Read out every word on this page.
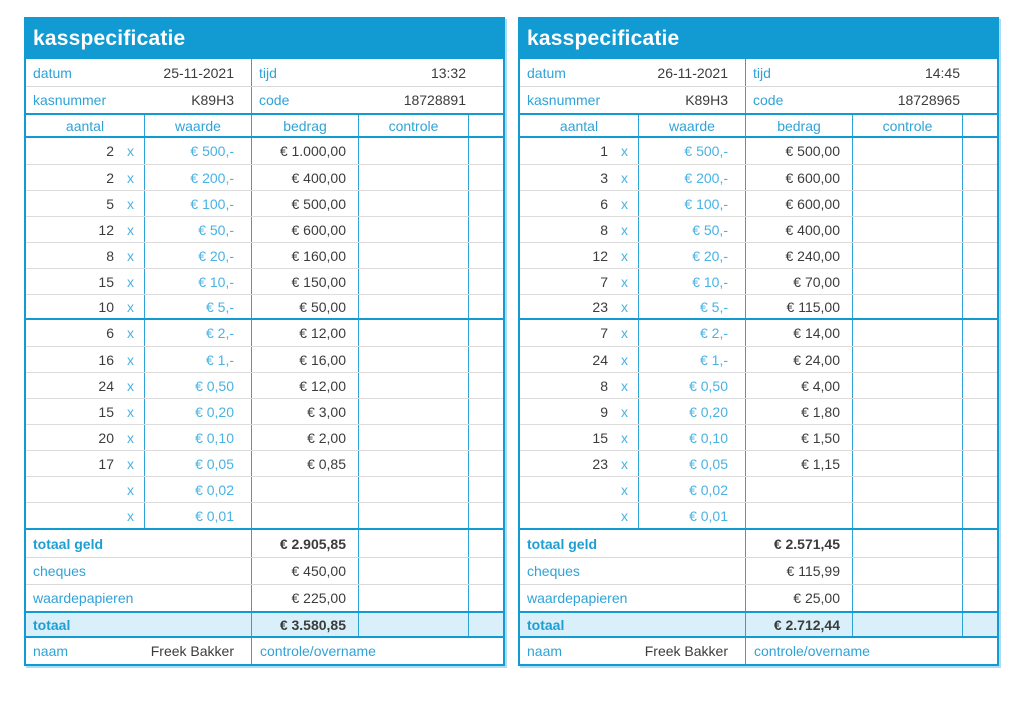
kasspecificatie
datum	25-11-2021	tijd	13:32
kasnummer	K89H3	code	18728891
aantal	waarde	bedrag	controle
2 x	€ 500,-	€ 1.000,00
2 x	€ 200,-	€ 400,00
5 x	€ 100,-	€ 500,00
12 x	€ 50,-	€ 600,00
8 x	€ 20,-	€ 160,00
15 x	€ 10,-	€ 150,00
10 x	€ 5,-	€ 50,00
6 x	€ 2,-	€ 12,00
16 x	€ 1,-	€ 16,00
24 x	€ 0,50	€ 12,00
15 x	€ 0,20	€ 3,00
20 x	€ 0,10	€ 2,00
17 x	€ 0,05	€ 0,85
x	€ 0,02
x	€ 0,01
totaal geld	€ 2.905,85
cheques	€ 450,00
waardepapieren	€ 225,00
totaal	€ 3.580,85
naam	Freek Bakker	controle/overname
kasspecificatie
datum	26-11-2021	tijd	14:45
kasnummer	K89H3	code	18728965
aantal	waarde	bedrag	controle
1 x	€ 500,-	€ 500,00
3 x	€ 200,-	€ 600,00
6 x	€ 100,-	€ 600,00
8 x	€ 50,-	€ 400,00
12 x	€ 20,-	€ 240,00
7 x	€ 10,-	€ 70,00
23 x	€ 5,-	€ 115,00
7 x	€ 2,-	€ 14,00
24 x	€ 1,-	€ 24,00
8 x	€ 0,50	€ 4,00
9 x	€ 0,20	€ 1,80
15 x	€ 0,10	€ 1,50
23 x	€ 0,05	€ 1,15
x	€ 0,02
x	€ 0,01
totaal geld	€ 2.571,45
cheques	€ 115,99
waardepapieren	€ 25,00
totaal	€ 2.712,44
naam	Freek Bakker	controle/overname
